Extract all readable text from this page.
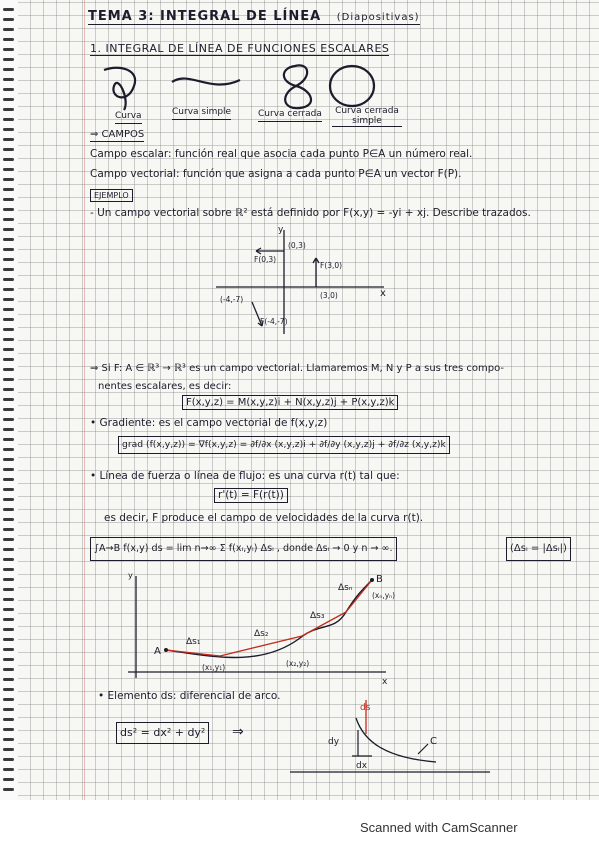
TEMA 3: INTEGRAL DE LÍNEA (Diapositivas)
1. INTEGRAL DE LÍNEA DE FUNCIONES ESCALARES
Curva	Curva simple	Curva cerrada	Curva cerrada simple
⇒ CAMPOS
Campo escalar: función real que asocia cada punto P∈A un número real.
Campo vectorial: función que asigna a cada punto P∈A un vector F(P).
EJEMPLO
- Un campo vectorial sobre ℝ² está definido por F(x,y) = -yi + xj. Describe trazados.
y
x
(0,3)
F(0,3)
F(3,0)
(3,0)
(-4,-7)
F(-4,-7)
⇒ Si F: A ∈ ℝ³ → ℝ³ es un campo vectorial. Llamaremos M, N y P a sus tres compo-
nentes escalares, es decir:
F(x,y,z) = M(x,y,z)i + N(x,y,z)j + P(x,y,z)k
• Gradiente: es el campo vectorial de f(x,y,z)
grad (f(x,y,z)) = ∇f(x,y,z) = ∂f/∂x (x,y,z)i + ∂f/∂y (x,y,z)j + ∂f/∂z (x,y,z)k
• Línea de fuerza o línea de flujo: es una curva r(t) tal que:
r'(t) = F(r(t))
es decir, F produce el campo de velocidades de la curva r(t).
∫A→B f(x,y) ds = lim n→∞ Σ f(xᵢ,yᵢ) Δsᵢ , donde Δsᵢ → 0 y n → ∞.	(Δsᵢ = |Δsᵢ|)
y
x
A
B
Δs₁
Δs₂
Δs₃
Δsₙ
(x₁,y₁)	(x₂,y₂)
(xₙ,yₙ)
• Elemento ds: diferencial de arco.
ds² = dx² + dy² ⇒
ds
dy
dx
C
Scanned with CamScanner
